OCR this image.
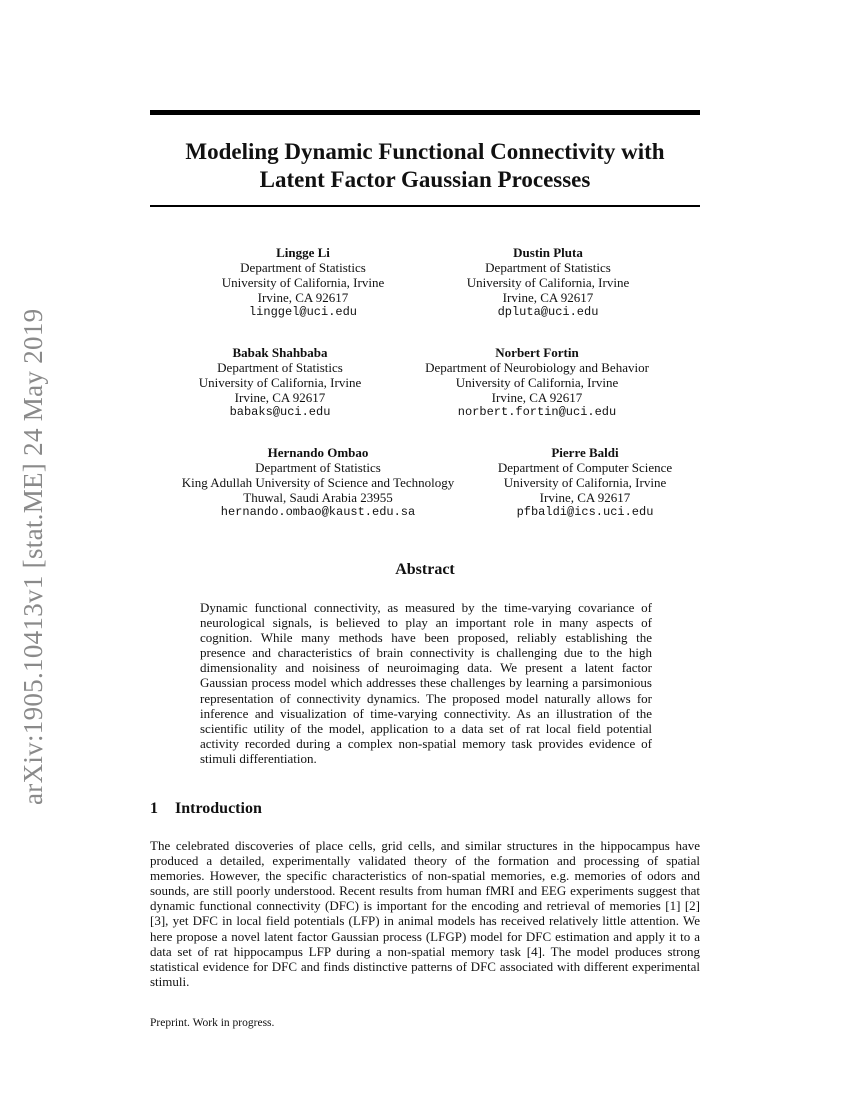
arXiv:1905.10413v1 [stat.ME] 24 May 2019
Modeling Dynamic Functional Connectivity with Latent Factor Gaussian Processes
Lingge Li
Department of Statistics
University of California, Irvine
Irvine, CA 92617
linggel@uci.edu
Dustin Pluta
Department of Statistics
University of California, Irvine
Irvine, CA 92617
dpluta@uci.edu
Babak Shahbaba
Department of Statistics
University of California, Irvine
Irvine, CA 92617
babaks@uci.edu
Norbert Fortin
Department of Neurobiology and Behavior
University of California, Irvine
Irvine, CA 92617
norbert.fortin@uci.edu
Hernando Ombao
Department of Statistics
King Adullah University of Science and Technology
Thuwal, Saudi Arabia 23955
hernando.ombao@kaust.edu.sa
Pierre Baldi
Department of Computer Science
University of California, Irvine
Irvine, CA 92617
pfbaldi@ics.uci.edu
Abstract
Dynamic functional connectivity, as measured by the time-varying covariance of neurological signals, is believed to play an important role in many aspects of cognition. While many methods have been proposed, reliably establishing the presence and characteristics of brain connectivity is challenging due to the high dimensionality and noisiness of neuroimaging data. We present a latent factor Gaussian process model which addresses these challenges by learning a parsimonious representation of connectivity dynamics. The proposed model naturally allows for inference and visualization of time-varying connectivity. As an illustration of the scientific utility of the model, application to a data set of rat local field potential activity recorded during a complex non-spatial memory task provides evidence of stimuli differentiation.
1 Introduction
The celebrated discoveries of place cells, grid cells, and similar structures in the hippocampus have produced a detailed, experimentally validated theory of the formation and processing of spatial memories. However, the specific characteristics of non-spatial memories, e.g. memories of odors and sounds, are still poorly understood. Recent results from human fMRI and EEG experiments suggest that dynamic functional connectivity (DFC) is important for the encoding and retrieval of memories [1] [2] [3], yet DFC in local field potentials (LFP) in animal models has received relatively little attention. We here propose a novel latent factor Gaussian process (LFGP) model for DFC estimation and apply it to a data set of rat hippocampus LFP during a non-spatial memory task [4]. The model produces strong statistical evidence for DFC and finds distinctive patterns of DFC associated with different experimental stimuli.
Preprint. Work in progress.
